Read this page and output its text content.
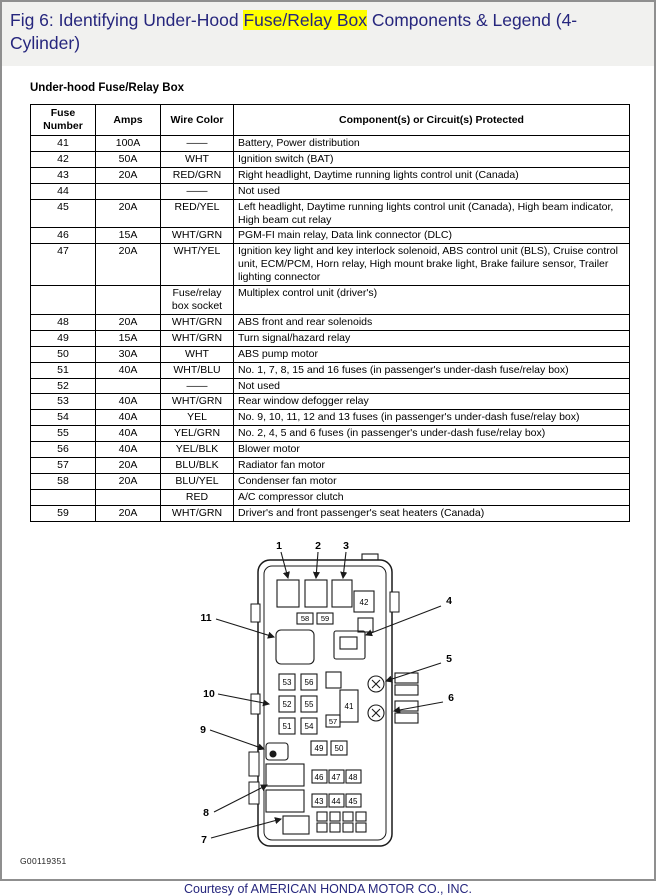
Fig 6: Identifying Under-Hood Fuse/Relay Box Components & Legend (4-Cylinder)
Under-hood Fuse/Relay Box
Fuse Number	Amps	Wire Color	Component(s) or Circuit(s) Protected
41	100A	——	Battery, Power distribution
42	50A	WHT	Ignition switch (BAT)
43	20A	RED/GRN	Right headlight, Daytime running lights control unit (Canada)
44		——	Not used
45	20A	RED/YEL	Left headlight, Daytime running lights control unit (Canada), High beam indicator, High beam cut relay
46	15A	WHT/GRN	PGM-FI main relay, Data link connector (DLC)
47	20A	WHT/YEL	Ignition key light and key interlock solenoid, ABS control unit (BLS), Cruise control unit, ECM/PCM, Horn relay, High mount brake light, Brake failure sensor, Trailer lighting connector
		Fuse/relay box socket	Multiplex control unit (driver's)
48	20A	WHT/GRN	ABS front and rear solenoids
49	15A	WHT/GRN	Turn signal/hazard relay
50	30A	WHT	ABS pump motor
51	40A	WHT/BLU	No. 1, 7, 8, 15 and 16 fuses (in passenger's under-dash fuse/relay box)
52		——	Not used
53	40A	WHT/GRN	Rear window defogger relay
54	40A	YEL	No. 9, 10, 11, 12 and 13 fuses (in passenger's under-dash fuse/relay box)
55	40A	YEL/GRN	No. 2, 4, 5 and 6 fuses (in passenger's under-dash fuse/relay box)
56	40A	YEL/BLK	Blower motor
57	20A	BLU/BLK	Radiator fan motor
58	20A	BLU/YEL	Condenser fan motor
		RED	A/C compressor clutch
59	20A	WHT/GRN	Driver's and front passenger's seat heaters (Canada)
1	2 3
4
5
6
7
8
9
10
11
42
58 59
53 56
52 55	41
51 54
57
49 50
46 47 48
43 44 45
G00119351
Courtesy of AMERICAN HONDA MOTOR CO., INC.
